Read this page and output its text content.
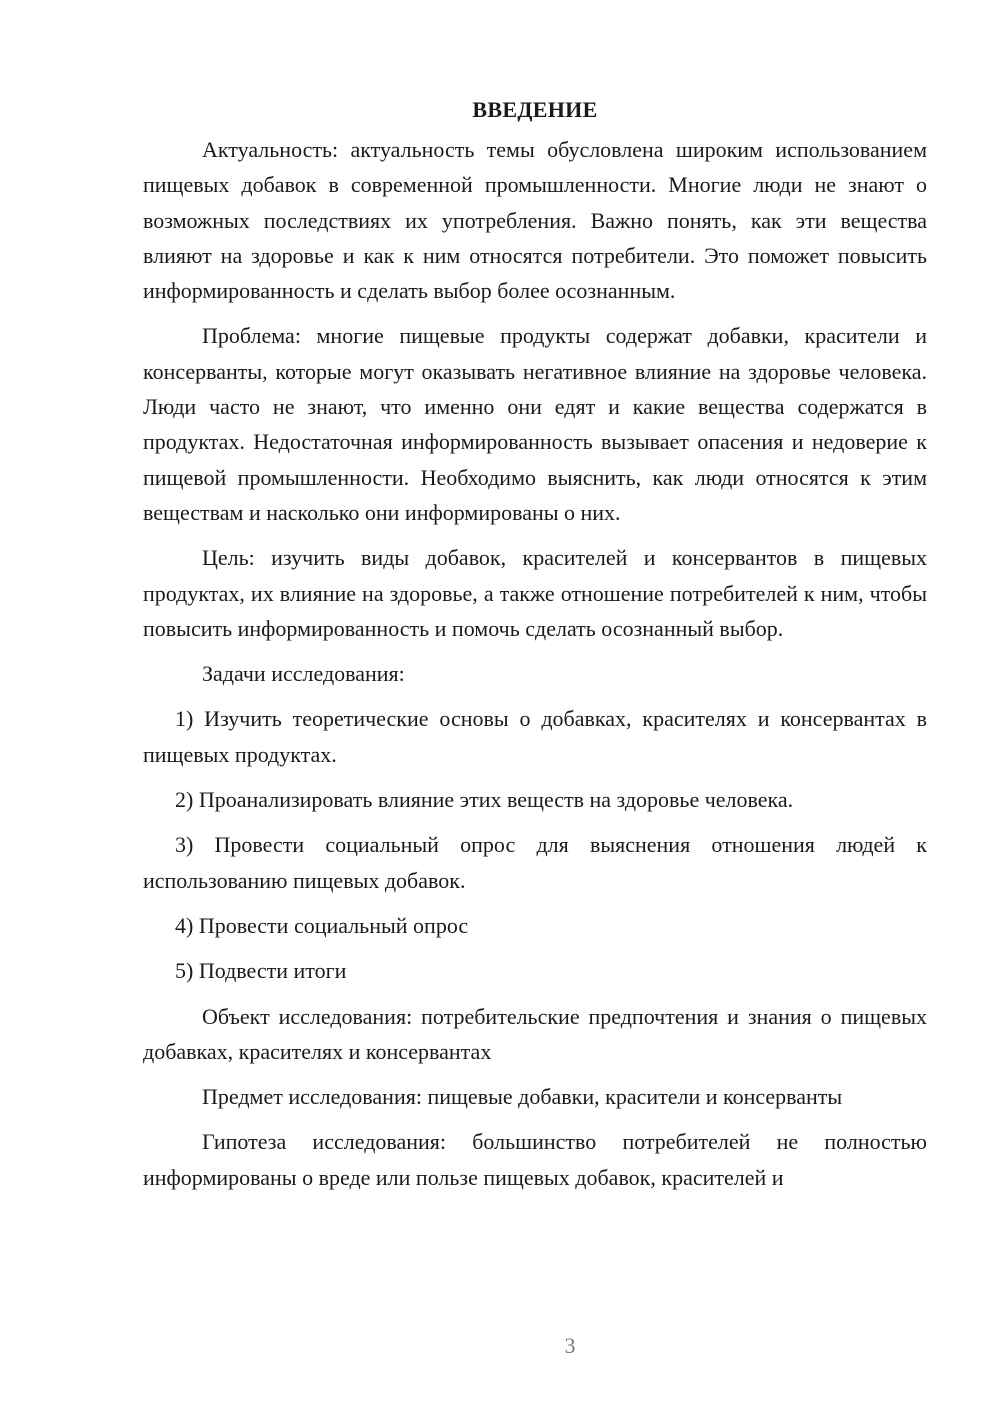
ВВЕДЕНИЕ

Актуальность: актуальность темы обусловлена широким использованием пищевых добавок в современной промышленности. Многие люди не знают о возможных последствиях их употребления. Важно понять, как эти вещества влияют на здоровье и как к ним относятся потребители. Это поможет повысить информированность и сделать выбор более осознанным.

Проблема: многие пищевые продукты содержат добавки, красители и консерванты, которые могут оказывать негативное влияние на здоровье человека. Люди часто не знают, что именно они едят и какие вещества содержатся в продуктах. Недостаточная информированность вызывает опасения и недоверие к пищевой промышленности. Необходимо выяснить, как люди относятся к этим веществам и насколько они информированы о них.

Цель: изучить виды добавок, красителей и консервантов в пищевых продуктах, их влияние на здоровье, а также отношение потребителей к ним, чтобы повысить информированность и помочь сделать осознанный выбор.

Задачи исследования:

1) Изучить теоретические основы о добавках, красителях и консервантах в пищевых продуктах.

2) Проанализировать влияние этих веществ на здоровье человека.

3) Провести социальный опрос для выяснения отношения людей к использованию пищевых добавок.

4) Провести социальный опрос

5) Подвести итоги

Объект исследования: потребительские предпочтения и знания о пищевых добавках, красителях и консервантах

Предмет исследования: пищевые добавки, красители и консерванты

Гипотеза исследования: большинство потребителей не полностью информированы о вреде или пользе пищевых добавок, красителей и

3
